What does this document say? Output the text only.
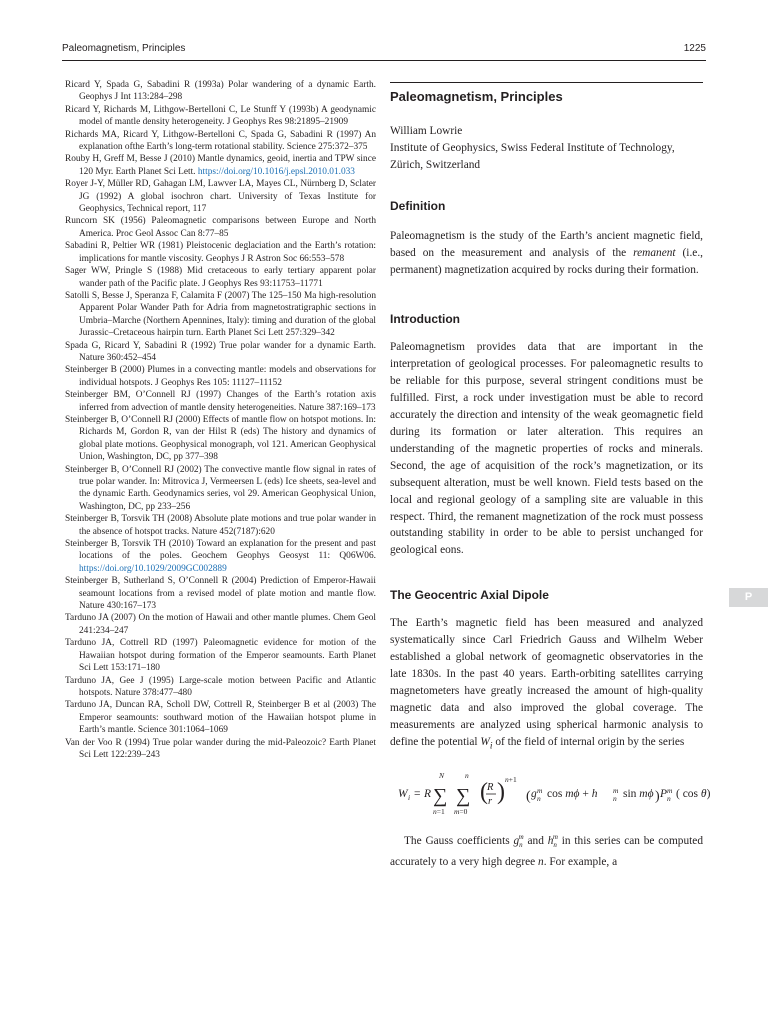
Paleomagnetism, Principles	1225
Ricard Y, Spada G, Sabadini R (1993a) Polar wandering of a dynamic Earth. Geophys J Int 113:284–298
Ricard Y, Richards M, Lithgow-Bertelloni C, Le Stunff Y (1993b) A geodynamic model of mantle density heterogeneity. J Geophys Res 98:21895–21909
Richards MA, Ricard Y, Lithgow-Bertelloni C, Spada G, Sabadini R (1997) An explanation ofthe Earth’s long-term rotational stability. Science 275:372–375
Rouby H, Greff M, Besse J (2010) Mantle dynamics, geoid, inertia and TPW since 120 Myr. Earth Planet Sci Lett. https://doi.org/10.1016/j.epsl.2010.01.033
Royer J-Y, Müller RD, Gahagan LM, Lawver LA, Mayes CL, Nürnberg D, Sclater JG (1992) A global isochron chart. University of Texas Institute for Geophysics, Technical report, 117
Runcorn SK (1956) Paleomagnetic comparisons between Europe and North America. Proc Geol Assoc Can 8:77–85
Sabadini R, Peltier WR (1981) Pleistocenic deglaciation and the Earth’s rotation: implications for mantle viscosity. Geophys J R Astron Soc 66:553–578
Sager WW, Pringle S (1988) Mid cretaceous to early tertiary apparent polar wander path of the Pacific plate. J Geophys Res 93:11753–11771
Satolli S, Besse J, Speranza F, Calamita F (2007) The 125–150 Ma high-resolution Apparent Polar Wander Path for Adria from magnetostratigraphic sections in Umbria–Marche (Northern Apennines, Italy): timing and duration of the global Jurassic–Cretaceous hairpin turn. Earth Planet Sci Lett 257:329–342
Spada G, Ricard Y, Sabadini R (1992) True polar wander for a dynamic Earth. Nature 360:452–454
Steinberger B (2000) Plumes in a convecting mantle: models and observations for individual hotspots. J Geophys Res 105: 11127–11152
Steinberger BM, O’Connell RJ (1997) Changes of the Earth’s rotation axis inferred from advection of mantle density heterogeneities. Nature 387:169–173
Steinberger B, O’Connell RJ (2000) Effects of mantle flow on hotspot motions. In: Richards M, Gordon R, van der Hilst R (eds) The history and dynamics of global plate motions. Geophysical monograph, vol 121. American Geophysical Union, Washington, DC, pp 377–398
Steinberger B, O’Connell RJ (2002) The convective mantle flow signal in rates of true polar wander. In: Mitrovica J, Vermeersen L (eds) Ice sheets, sea-level and the dynamic Earth. Geodynamics series, vol 29. American Geophysical Union, Washington, DC, pp 233–256
Steinberger B, Torsvik TH (2008) Absolute plate motions and true polar wander in the absence of hotspot tracks. Nature 452(7187):620
Steinberger B, Torsvik TH (2010) Toward an explanation for the present and past locations of the poles. Geochem Geophys Geosyst 11: Q06W06. https://doi.org/10.1029/2009GC002889
Steinberger B, Sutherland S, O’Connell R (2004) Prediction of Emperor-Hawaii seamount locations from a revised model of plate motion and mantle flow. Nature 430:167–173
Tarduno JA (2007) On the motion of Hawaii and other mantle plumes. Chem Geol 241:234–247
Tarduno JA, Cottrell RD (1997) Paleomagnetic evidence for motion of the Hawaiian hotspot during formation of the Emperor seamounts. Earth Planet Sci Lett 153:171–180
Tarduno JA, Gee J (1995) Large-scale motion between Pacific and Atlantic hotspots. Nature 378:477–480
Tarduno JA, Duncan RA, Scholl DW, Cottrell R, Steinberger B et al (2003) The Emperor seamounts: southward motion of the Hawaiian hotspot plume in Earth’s mantle. Science 301:1064–1069
Van der Voo R (1994) True polar wander during the mid-Paleozoic? Earth Planet Sci Lett 122:239–243
Paleomagnetism, Principles
William Lowrie
Institute of Geophysics, Swiss Federal Institute of Technology, Zürich, Switzerland
Definition
Paleomagnetism is the study of the Earth’s ancient magnetic field, based on the measurement and analysis of the remanent (i.e., permanent) magnetization acquired by rocks during their formation.
Introduction
Paleomagnetism provides data that are important in the interpretation of geological processes. For paleomagnetic results to be reliable for this purpose, several stringent conditions must be fulfilled. First, a rock under investigation must be able to record accurately the direction and intensity of the weak geomagnetic field during its formation or later alteration. This requires an understanding of the magnetic properties of rocks and minerals. Second, the age of acquisition of the rock’s magnetization, or its subsequent alteration, must be well known. Field tests based on the local and regional geology of a sampling site are valuable in this respect. Third, the remanent magnetization of the rock must possess outstanding stability in order to be able to persist unchanged for geological eons.
The Geocentric Axial Dipole
The Earth’s magnetic field has been measured and analyzed systematically since Carl Friedrich Gauss and Wilhelm Weber established a global network of geomagnetic observatories in the late 1830s. In the past 40 years. Earth-orbiting satellites carrying magnetometers have greatly increased the amount of high-quality magnetic data and also improved the global coverage. The measurements are analyzed using spherical harmonic analysis to define the potential $W_i$ of the field of internal origin by the series
W i = R
N
∑
n=1
n
∑
m=0
( R
r ) n+1
( g m
n cos mϕ + h m
n sin mϕ ) P m
n ( cos θ)
The Gauss coefficients $g_n^m$ and $h_n^m$ in this series can be computed accurately to a very high degree n. For example, a
P
